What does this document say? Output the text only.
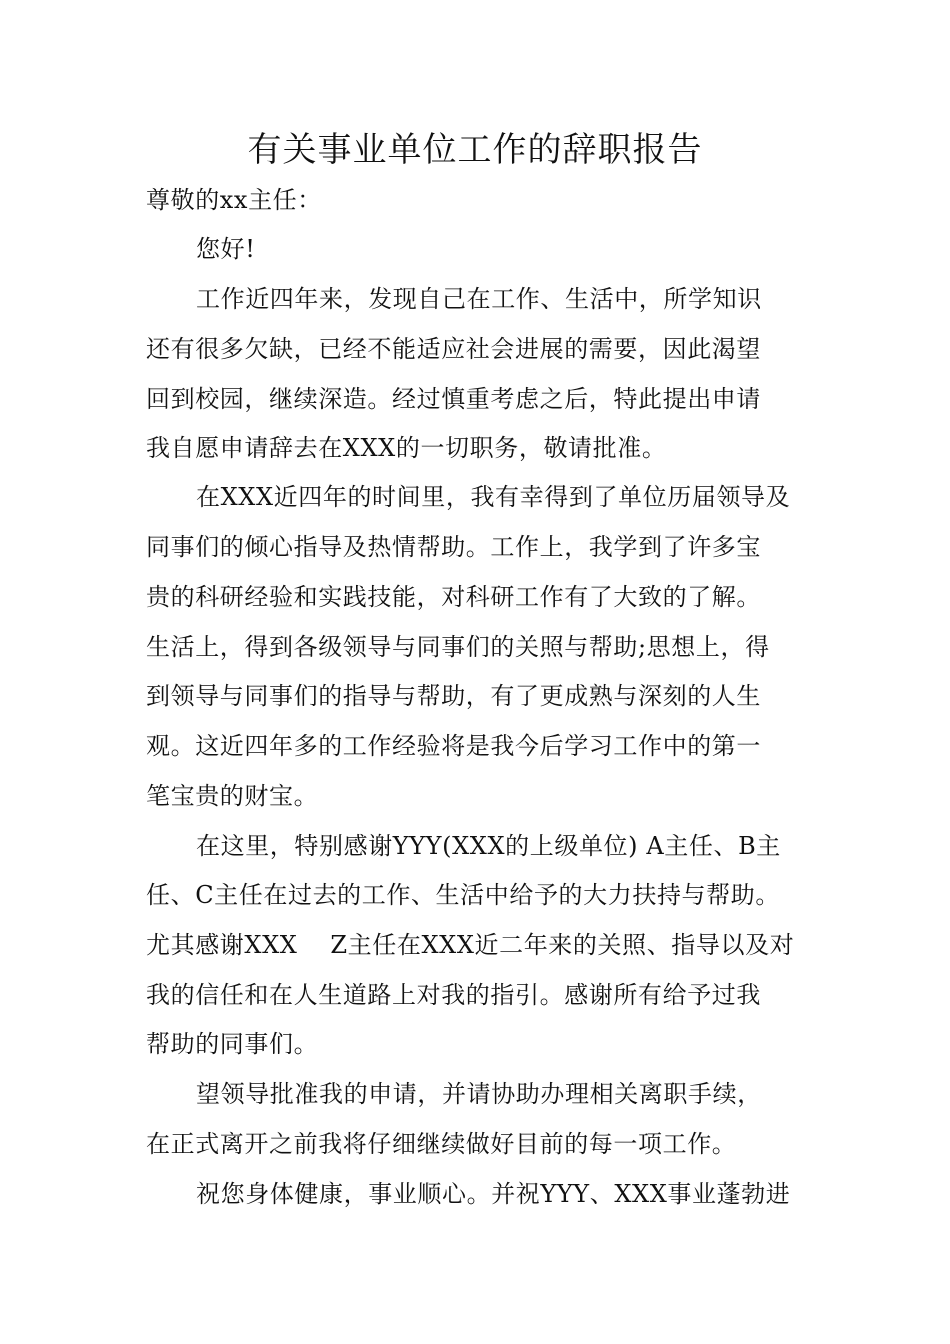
有关事业单位工作的辞职报告
尊敬的xx主任：
您好!
工作近四年来，发现自己在工作、生活中，所学知识
还有很多欠缺，已经不能适应社会进展的需要，因此渴望
回到校园，继续深造。经过慎重考虑之后，特此提出申请
我自愿申请辞去在XXX的一切职务，敬请批准。
在XXX近四年的时间里，我有幸得到了单位历届领导及
同事们的倾心指导及热情帮助。工作上，我学到了许多宝
贵的科研经验和实践技能，对科研工作有了大致的了解。
生活上，得到各级领导与同事们的关照与帮助;思想上，得
到领导与同事们的指导与帮助，有了更成熟与深刻的人生
观。这近四年多的工作经验将是我今后学习工作中的第一
笔宝贵的财宝。
在这里，特别感谢YYY(XXX的上级单位) A主任、B主
任、C主任在过去的工作、生活中给予的大力扶持与帮助。
尤其感谢XXX    Z主任在XXX近二年来的关照、指导以及对
我的信任和在人生道路上对我的指引。感谢所有给予过我
帮助的同事们。
望领导批准我的申请，并请协助办理相关离职手续，
在正式离开之前我将仔细继续做好目前的每一项工作。
祝您身体健康，事业顺心。并祝YYY、XXX事业蓬勃进
